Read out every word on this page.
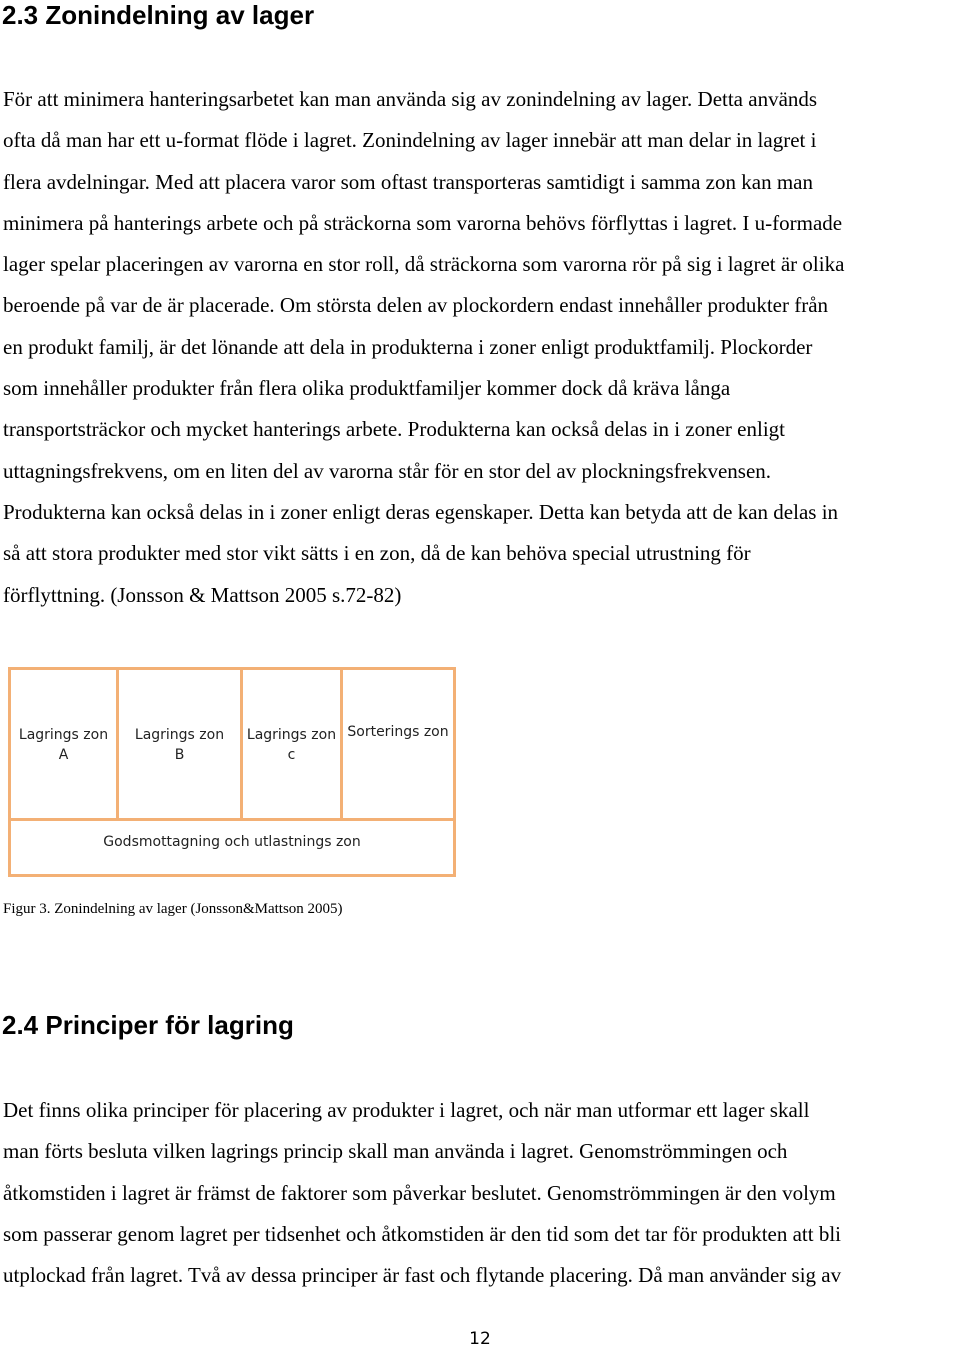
2.3 Zonindelning av lager
För att minimera hanteringsarbetet kan man använda sig av zonindelning av lager. Detta används
ofta då man har ett u-format flöde i lagret. Zonindelning av lager innebär att man delar in lagret i
flera avdelningar. Med att placera varor som oftast transporteras samtidigt i samma zon kan man
minimera på hanterings arbete och på sträckorna som varorna behövs förflyttas i lagret. I u-formade
lager spelar placeringen av varorna en stor roll, då sträckorna som varorna rör på sig i lagret är olika
beroende på var de är placerade. Om största delen av plockordern endast innehåller produkter från
en produkt familj, är det lönande att dela in produkterna i zoner enligt produktfamilj. Plockorder
som innehåller produkter från flera olika produktfamiljer kommer dock då kräva långa
transportsträckor och mycket hanterings arbete. Produkterna kan också delas in i zoner enligt
uttagningsfrekvens, om en liten del av varorna står för en stor del av plockningsfrekvensen.
Produkterna kan också delas in i zoner enligt deras egenskaper. Detta kan betyda att de kan delas in
så att stora produkter med stor vikt sätts i en zon, då de kan behöva special utrustning för
förflyttning. (Jonsson & Mattson 2005 s.72-82)
Lagrings zon
A
Lagrings zon
B
Lagrings zon
c
Sorterings zon
Godsmottagning och utlastnings zon

Figur 3. Zonindelning av lager (Jonsson&Mattson 2005)

2.4 Principer för lagring
Det finns olika principer för placering av produkter i lagret, och när man utformar ett lager skall
man förts besluta vilken lagrings princip skall man använda i lagret. Genomströmmingen och
åtkomstiden i lagret är främst de faktorer som påverkar beslutet. Genomströmmingen är den volym
som passerar genom lagret per tidsenhet och åtkomstiden är den tid som det tar för produkten att bli
utplockad från lagret. Två av dessa principer är fast och flytande placering. Då man använder sig av
12
